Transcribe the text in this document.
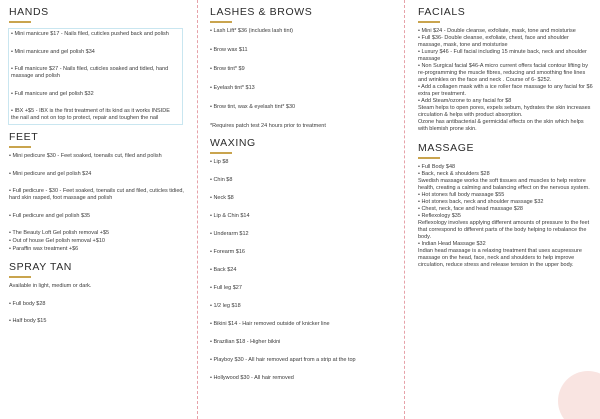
HANDS
• Mini manicure $17 - Nails filed, cuticles pushed back and polish
• Mini manicure and gel polish $34
• Full manicure $27 - Nails filed, cuticles soaked and tidied, hand massage and polish
• Full manicure and gel polish $32
• IBX +$5 - IBX is the first treatment of its kind as it works INSIDE the nail and not on top to protect, repair and toughen the nail
FEET
• Mini pedicure $30 - Feet soaked, toenails cut, filed and polish
• Mini pedicure and gel polish $24
• Full pedicure - $30 - Feet soaked, toenails cut and filed, cuticles tidied, hard skin rasped, foot massage and polish
• Full pedicure and gel polish $35
• The Beauty Loft Gel polish removal +$5
• Out of house Gel polish removal +$10
• Paraffin wax treatment +$6
SPRAY TAN
Available in light, medium or dark.
• Full body $28
• Half body $15
LASHES & BROWS
• Lash Lift* $36 (includes lash tint)
• Brow wax $11
• Brow tint* $9
• Eyelash tint* $13
• Brow tint, wax & eyelash tint* $30
*Requires patch test 24 hours prior to treatment
WAXING
• Lip $8
• Chin $8
• Neck $8
• Lip & Chin $14
• Underarm $12
• Forearm $16
• Back $24
• Full leg $27
• 1/2 leg $18
• Bikini $14 - Hair removed outside of knicker line
• Brazilian $18 - Higher bikini
• Playboy $30 - All hair removed apart from a strip at the top
• Hollywood $30 - All hair removed
FACIALS
• Mini $24 - Double cleanse, exfoliate, mask, tone and moisturise
• Full $36- Double cleanse, exfoliate, chest, face and shoulder massage, mask, tone and moisturise
• Luxury $46 - Full facial including 15 minute back, neck and shoulder massage
• Non Surgical facial $46-A micro current offers facial contour lifting by re-programming the muscle fibres, reducing and smoothing fine lines and wrinkles on the face and neck . Course of 6- $252.
• Add a collagen mask with a ice roller face massage to any facial for $6 extra per treatment.
• Add Steam/ozone to any facial for $8
Steam helps to open pores, expels sebum, hydrates the skin increases circulation & helps with product absorption.
Ozone has antibacterial & germicidal effects on the skin which helps with blemish prone skin.
MASSAGE
• Full Body $48
• Back, neck & shoulders $28
Swedish massage works the soft tissues and muscles to help restore health, creating a calming and balancing effect on the nervous system.
• Hot stones full body massage $55
• Hot stones back, neck and shoulder massage $32
• Chest, neck, face and head massage $28
• Reflexology $35
Reflexology involves applying different amounts of pressure to the feet that correspond to different parts of the body helping to rebalance the body.
• Indian Head Massage $32
Indian head massage is a relaxing treatment that uses acupressure massage on the head, face, neck and shoulders to help improve circulation, reduce stress and release tension in the upper body.
